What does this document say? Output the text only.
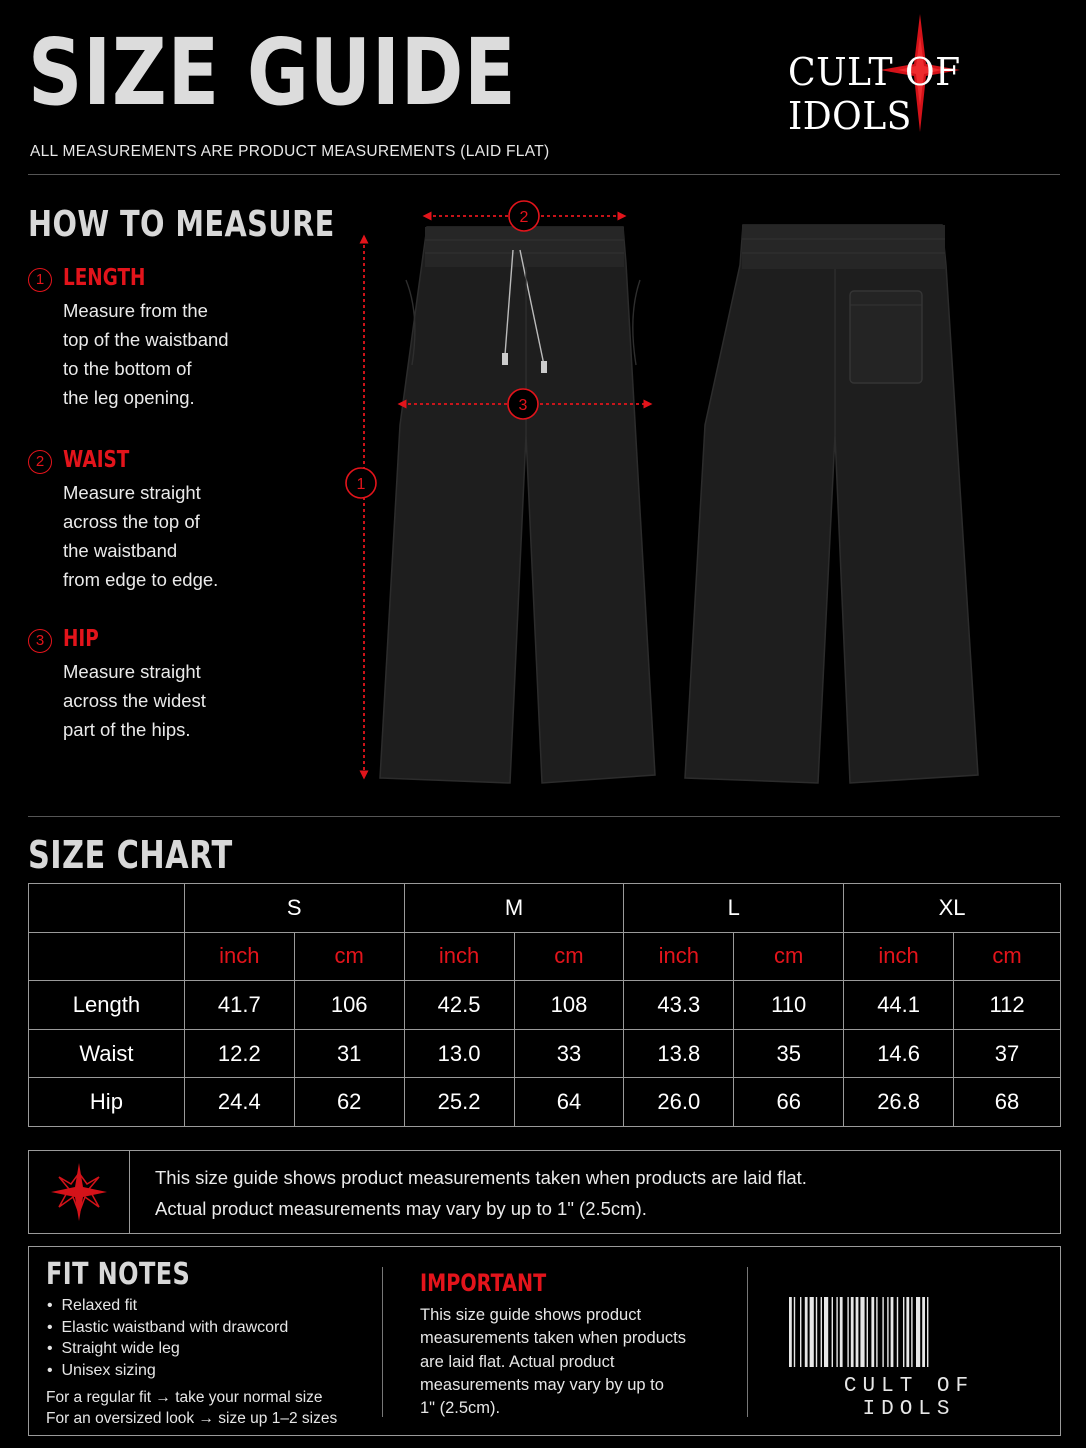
SIZE GUIDE
ALL MEASUREMENTS ARE PRODUCT MEASUREMENTS (LAID FLAT)
CULT OF IDOLS
HOW TO MEASURE
1 LENGTH
Measure from the
top of the waistband
to the bottom of
the leg opening.
2 WAIST
Measure straight
across the top of
the waistband
from edge to edge.
3 HIP
Measure straight
across the widest
part of the hips.
1
2
3
SIZE CHART
	S		M		L		XL	
	inch	cm	inch	cm	inch	cm	inch	cm
Length	41.7	106	42.5	108	43.3	110	44.1	112
Waist	12.2	31	13.0	33	13.8	35	14.6	37
Hip	24.4	62	25.2	64	26.0	66	26.8	68
This size guide shows product measurements taken when products are laid flat.
Actual product measurements may vary by up to 1" (2.5cm).
FIT NOTES
•  Relaxed fit
•  Elastic waistband with drawcord
•  Straight wide leg
•  Unisex sizing
For a regular fit → take your normal size
For an oversized look → size up 1–2 sizes
IMPORTANT
This size guide shows product
measurements taken when products
are laid flat. Actual product
measurements may vary by up to
1" (2.5cm).
CULT OF IDOLS
